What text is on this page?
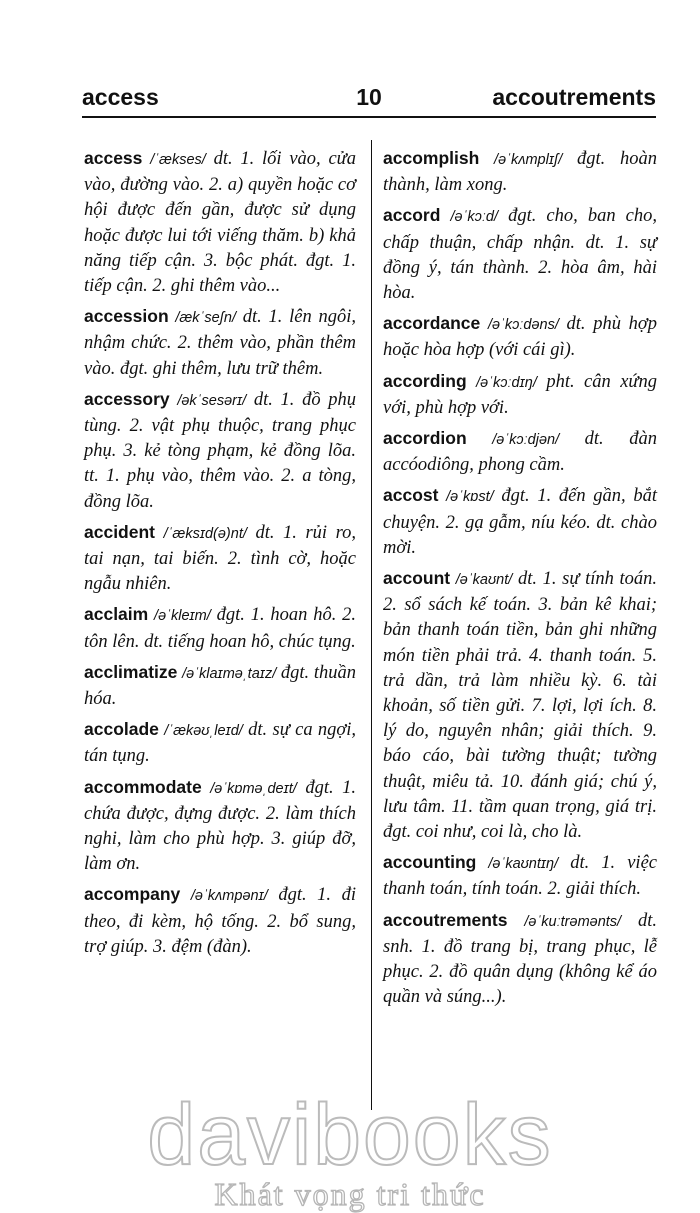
access	10	accoutrements

access /ˈækses/ dt. 1. lối vào, cửa vào, đường vào. 2. a) quyền hoặc cơ hội được đến gần, được sử dụng hoặc được lui tới viếng thăm. b) khả năng tiếp cận. 3. bộc phát. đgt. 1. tiếp cận. 2. ghi thêm vào...

accession /ækˈseʃn/ dt. 1. lên ngôi, nhậm chức. 2. thêm vào, phần thêm vào. đgt. ghi thêm, lưu trữ thêm.

accessory /əkˈsesərɪ/ dt. 1. đồ phụ tùng. 2. vật phụ thuộc, trang phục phụ. 3. kẻ tòng phạm, kẻ đồng lõa. tt. 1. phụ vào, thêm vào. 2. a tòng, đồng lõa.

accident /ˈæksɪd(ə)nt/ dt. 1. rủi ro, tai nạn, tai biến. 2. tình cờ, hoặc ngẫu nhiên.

acclaim /əˈkleɪm/ đgt. 1. hoan hô. 2. tôn lên. dt. tiếng hoan hô, chúc tụng.

acclimatize /əˈklaɪməˌtaɪz/ đgt. thuần hóa.

accolade /ˈækəʊˌleɪd/ dt. sự ca ngợi, tán tụng.

accommodate /əˈkɒməˌdeɪt/ đgt. 1. chứa được, đựng được. 2. làm thích nghi, làm cho phù hợp. 3. giúp đỡ, làm ơn.

accompany /əˈkʌmpənɪ/ đgt. 1. đi theo, đi kèm, hộ tống. 2. bổ sung, trợ giúp. 3. đệm (đàn).

accomplish /əˈkʌmplɪʃ/ đgt. hoàn thành, làm xong.

accord /əˈkɔːd/ đgt. cho, ban cho, chấp thuận, chấp nhận. dt. 1. sự đồng ý, tán thành. 2. hòa âm, hài hòa.

accordance /əˈkɔːdəns/ dt. phù hợp hoặc hòa hợp (với cái gì).

according /əˈkɔːdɪŋ/ pht. cân xứng với, phù hợp với.

accordion /əˈkɔːdjən/ dt. đàn accóodiông, phong cầm.

accost /əˈkɒst/ đgt. 1. đến gần, bắt chuyện. 2. gạ gẫm, níu kéo. dt. chào mời.

account /əˈkaʊnt/ dt. 1. sự tính toán. 2. sổ sách kế toán. 3. bản kê khai; bản thanh toán tiền, bản ghi những món tiền phải trả. 4. thanh toán. 5. trả dần, trả làm nhiều kỳ. 6. tài khoản, số tiền gửi. 7. lợi, lợi ích. 8. lý do, nguyên nhân; giải thích. 9. báo cáo, bài tường thuật; tường thuật, miêu tả. 10. đánh giá; chú ý, lưu tâm. 11. tầm quan trọng, giá trị. đgt. coi như, coi là, cho là.

accounting /əˈkaʊntɪŋ/ dt. 1. việc thanh toán, tính toán. 2. giải thích.

accoutrements /əˈkuːtrəmənts/ dt. snh. 1. đồ trang bị, trang phục, lễ phục. 2. đồ quân dụng (không kể áo quần và súng...).

davibooks
Khát vọng tri thức
